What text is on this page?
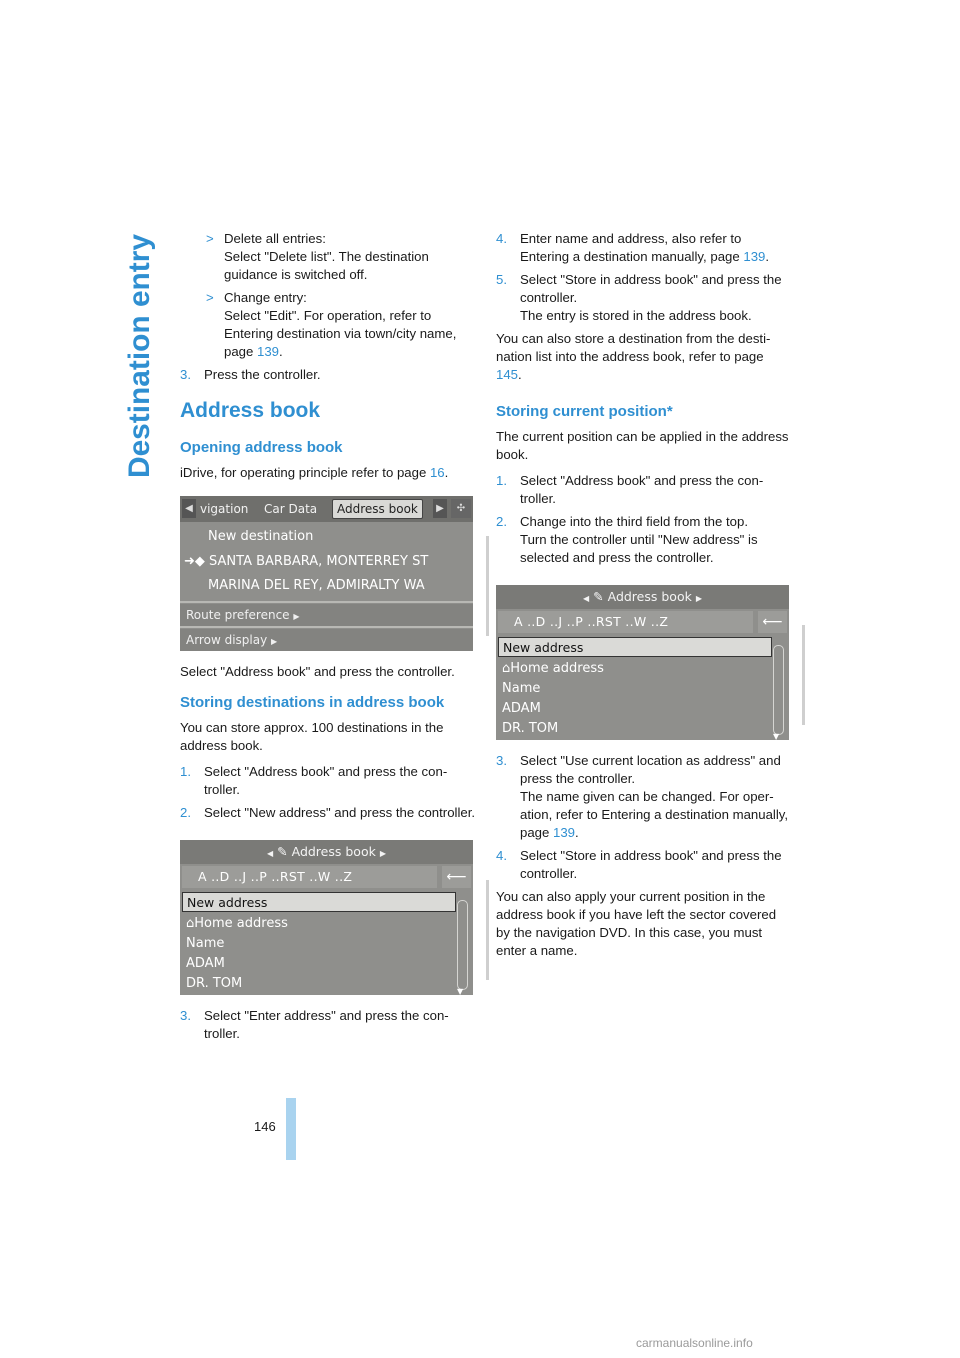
Destination entry	> Delete all entries:
Select "Delete list". The destination guidance is switched off.
> Change entry:
Select "Edit". For operation, refer to Entering destination via town/city name, page 139.
3. Press the controller.
Address book
Opening address book

iDrive, for operating principle refer to page 16.

◀ vigation Car Data	Address book	▶	✣
New destination
➜◆ SANTA BARBARA, MONTERREY ST
MARINA DEL REY, ADMIRALTY WA
Route preference ▶
Arrow display ▶

Select "Address book" and press the controller.

Storing destinations in address book

You can store approx. 100 destinations in the address book.

1. Select "Address book" and press the controller.
2. Select "New address" and press the controller.
◀ ✎ Address book ▶
A ..D ..J ..P ..RST ..W ..Z	⟵
New address
⌂Home address
Name
ADAM
DR. TOM
▼
3. Select "Enter address" and press the controller.
4. Enter name and address, also refer to Entering a destination manually, page 139.
5. Select "Store in address book" and press the controller.
The entry is stored in the address book.

You can also store a destination from the destination list into the address book, refer to page 145.

Storing current position*

The current position can be applied in the address book.

1. Select "Address book" and press the controller.
2. Change into the third field from the top.
Turn the controller until "New address" is selected and press the controller.
◀ ✎ Address book ▶
A ..D ..J ..P ..RST ..W ..Z	⟵
New address
⌂Home address
Name
ADAM
DR. TOM
▼
3. Select "Use current location as address" and press the controller.
The name given can be changed. For operation, refer to Entering a destination manually, page 139.
4. Select "Store in address book" and press the controller.

You can also apply your current position in the address book if you have left the sector covered by the navigation DVD. In this case, you must enter a name.

146
carmanualsonline.info
